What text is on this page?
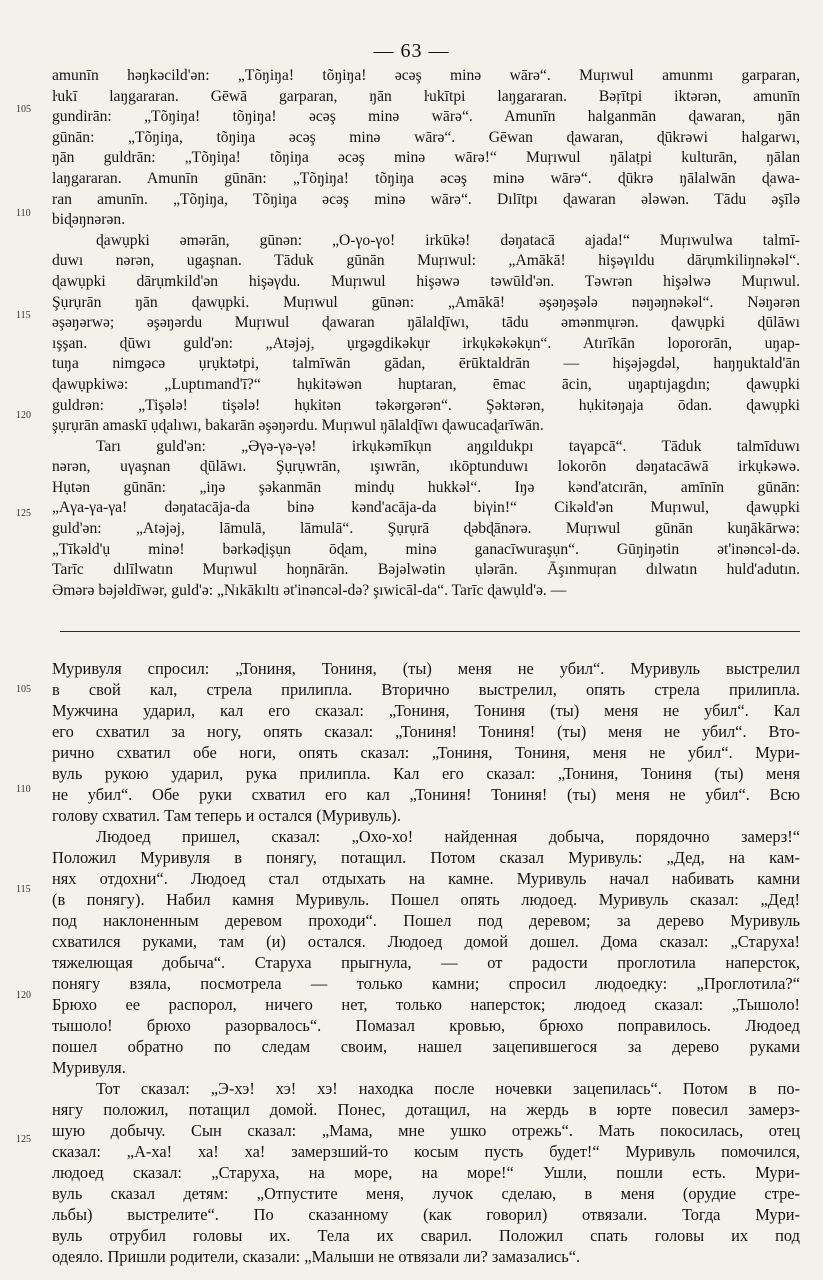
— 63 —
105
110
115
120
125
amunīn həŋkəcild'ən: „Tõŋiŋa! tõŋiŋa! əcəş minə wārə“. Muŗıwul amunmı garparan,
ŀukī laŋgararan. Gēwā garparan, ŋān ŀukītpi laŋgararan. Bəŗītpi iktərən, amunīn
gundirān: „Tõŋiŋa! tõŋiŋa! əcəş minə wārə“. Amunīn halganmān ɖawaran, ŋān
gūnān: „Tõŋiŋa, tõŋiŋa əcəş minə wārə“. Gēwan ɖawaran, ɖūkrəwi halgarwı,
ŋān guldrān: „Tõŋiŋa! tõŋiŋa əcəş minə wārə!“ Muŗıwul ŋālaṭpi kulturān, ŋālan
laŋgararan. Amunīn gūnān: „Tõŋiŋa! tõŋiŋa əcəş minə wārə“. ɖūkrə ŋālalwān ɖawa-
ran amunīn. „Tõŋiŋa, Tõŋiŋa əcəş minə wārə“. Dılītpı ɖawaran ələwən. Tādu əşīlə
biɖəŋnərən.
ɖawụpki əmərān, gūnən: „O-γo-γo! irkūkə! dəŋatacā ajada!“ Muŗıwulwa talmī-
duwı nərən, ugaşnan. Tāduk gūnān Muŗıwul: „Amākā! hişəγıldu dārụmkiliŋnəkəl“.
ɖawụpki dārụmkild'ən hişəγdu. Muŗıwul hişəwə təwūld'ən. Təwrən hişəlwə Muŗıwul.
Şụrụrān ŋān ɖawụpki. Muŗıwul gūnən: „Amākā! əşəŋəşələ nəŋəŋnəkəl“. Nəŋərən
əşəŋərwə; əşəŋərdu Muŗıwul ɖawaran ŋālalɖīwı, tādu əmənmụrən. ɖawụpki ɖūlāwı
ışşan. ɖūwı guld'ən: „Atəjəj, ụrgəgdikəkụr irkụkəkəkụn“. Atırīkān lopororān, uŋap-
tuŋa nimgəcə ụrụktətpi, talmīwān gādan, ērūktaldrān — hişəjəgdəl, haŋŋuktald'ān
ɖawụpkiwə: „Luptımand'ī?“ hụkitəwən huptaran, ēmac ācin, uŋaptıjagdın; ɖawụpki
guldrən: „Tişələ! tişələ! hụkitən təkərgərən“. Şəktərən, hụkitəŋaja ōdan. ɖawụpki
şụrụrān amaskī ụɖalıwı, bakarān əşəŋərdu. Muŗıwul ŋālalɖīwı ɖawucaɖarīwān.
Tarı guld'ən: „Əγə-γə-γə! irkụkəmīkụn aŋgıldukpı taγapcā“. Tāduk talmīduwı
nərən, uγaşnan ɖūlāwı. Şụrụwrān, ışıwrān, ıkōptunduwı lokorōn dəŋatacāwā irkụkəwə.
Hụtən gūnān: „iŋə şəkanmān mindụ hukkəl“. Iŋə kənd'atcırān, amīnīn gūnān:
„Aγa-γa-γa! dəŋatacāja-da binə kənd'acāja-da biγin!“ Cikəld'ən Muŗıwul, ɖawụpki
guld'ən: „Atəjəj, lāmulā, lāmulā“. Şụrụrā ɖəbɖānərə. Muŗıwul gūnān kuŋākārwə:
„Tīkəld'ụ minə! bərkəɖişụn ōɖam, minə ganacīwuraşụn“. Gūŋiŋətin ət'inəncəl-də.
Tarīc dılīlwatın Muŗıwul hoŋnārān. Bəjəlwətin ụlərān. Āşınmuŗan dılwatın huld'adutın.
Əmərə bəjəldīwər, guld'ə: „Nıkākıltı ət'inəncəl-də? şıwicāl-da“. Tarīc ɖawụld'ə. —
105
110
115
120
125
Муривуля спросил: „Тониня, Тониня, (ты) меня не убил“. Муривуль выстрелил
в свой кал, стрела прилипла. Вторично выстрелил, опять стрела прилипла.
Мужчина ударил, кал его сказал: „Тониня, Тониня (ты) меня не убил“. Кал
его схватил за ногу, опять сказал: „Тониня! Тониня! (ты) меня не убил“. Вто-
рично схватил обе ноги, опять сказал: „Тониня, Тониня, меня не убил“. Мури-
вуль рукою ударил, рука прилипла. Кал его сказал: „Тониня, Тониня (ты) меня
не убил“. Обе руки схватил его кал „Тониня! Тониня! (ты) меня не убил“. Всю
голову схватил. Там теперь и остался (Муривуль).
Людоед пришел, сказал: „Охо-хо! найденная добыча, порядочно замерз!“
Положил Муривуля в понягу, потащил. Потом сказал Муривуль: „Дед, на кам-
нях отдохни“. Людоед стал отдыхать на камне. Муривуль начал набивать камни
(в понягу). Набил камня Муривуль. Пошел опять людоед. Муривуль сказал: „Дед!
под наклоненным деревом проходи“. Пошел под деревом; за дерево Муривуль
схватился руками, там (и) остался. Людоед домой дошел. Дома сказал: „Старуха!
тяжелющая добыча“. Старуха прыгнула, — от радости проглотила наперсток,
понягу взяла, посмотрела — только камни; спросил людоедку: „Проглотила?“
Брюхо ее распорол, ничего нет, только наперсток; людоед сказал: „Тышоло!
тышоло! брюхо разорвалось“. Помазал кровью, брюхо поправилось. Людоед
пошел обратно по следам своим, нашел зацепившегося за дерево руками
Муривуля.
Тот сказал: „Э-хэ! хэ! хэ! находка после ночевки зацепилась“. Потом в по-
нягу положил, потащил домой. Понес, дотащил, на жердь в юрте повесил замерз-
шую добычу. Сын сказал: „Мама, мне ушко отрежь“. Мать покосилась, отец
сказал: „А-ха! ха! ха! замерзший-то косым пусть будет!“ Муривуль помочился,
людоед сказал: „Старуха, на море, на море!“ Ушли, пошли есть. Мури-
вуль сказал детям: „Отпустите меня, лучок сделаю, в меня (орудие стре-
льбы) выстрелите“. По сказанному (как говорил) отвязали. Тогда Мури-
вуль отрубил головы их. Тела их сварил. Положил спать головы их под
одеяло. Пришли родители, сказали: „Малыши не отвязали ли? замазались“.
